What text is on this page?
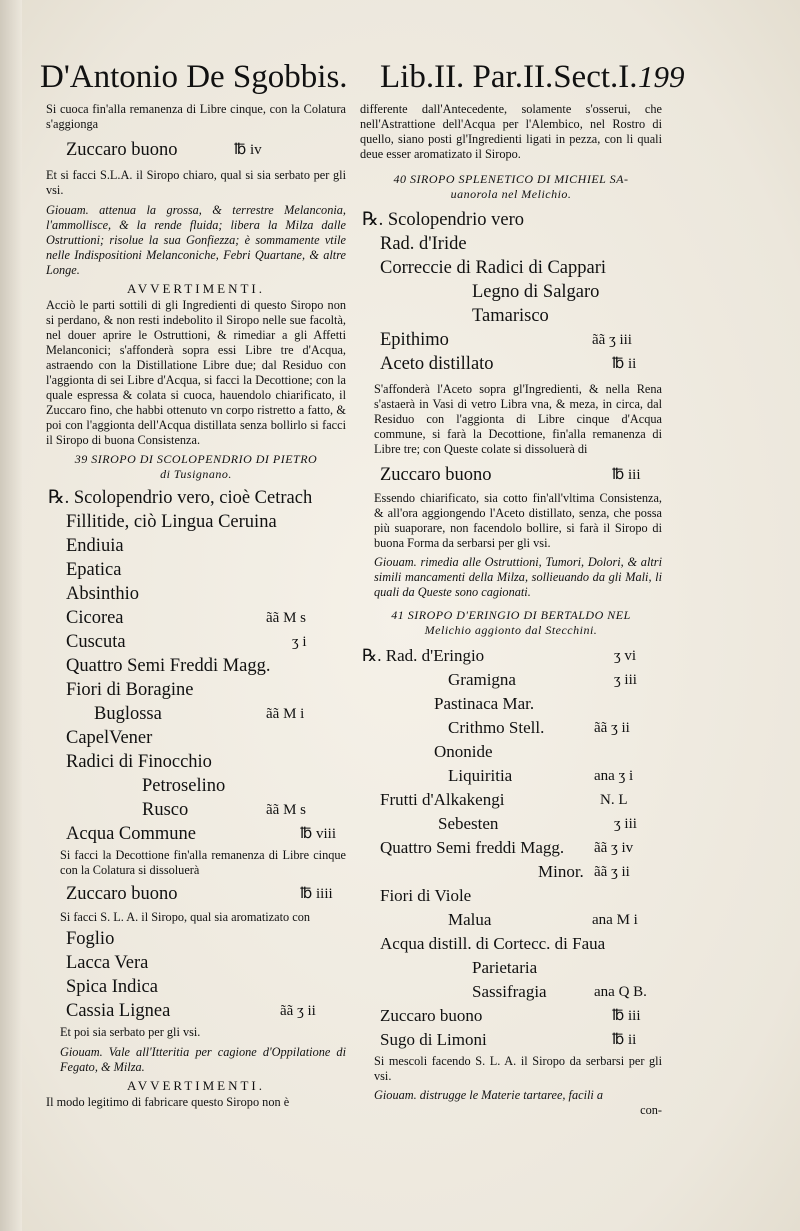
D'Antonio De Sgobbis. Lib.II. Par.II.Sect.I. 199

Si cuoca fin'alla remanenza di Libre cinque, con la Colatura s'aggionga

Zuccaro buono	℔ iv

Et si facci S.L.A. il Siropo chiaro, qual si sia serbato per gli vsi.

Giouam. attenua la grossa, & terrestre Melanconia, l'ammollisce, & la rende fluida; libera la Milza dalle Ostruttioni; risolue la sua Gonfiezza; è sommamente vtile nelle Indispositioni Melanconiche, Febri Quartane, & altre Longe.

AVVERTIMENTI.

Acciò le parti sottili di gli Ingredienti di questo Siropo non si perdano, & non resti indebolito il Siropo nelle sue facoltà, nel douer aprire le Ostruttioni, & rimediar a gli Affetti Melanconici; s'affonderà sopra essi Libre tre d'Acqua, astraendo con la Distillatione Libre due; dal Residuo con l'aggionta di sei Libre d'Acqua, si facci la Decottione; con la quale espressa & colata si cuoca, hauendolo chiarificato, il Zuccaro fino, che habbi ottenuto vn corpo ristretto a fatto, & poi con l'aggionta dell'Acqua distillata senza bollirlo si facci il Siropo di buona Consistenza.

39 SIROPO DI SCOLOPENDRIO DI PIETRO

di Tusignano.

℞. Scolopendrio vero, cioè Cetrach
Fillitide, ciò Lingua Ceruina
Endiuia
Epatica
Absinthio
Cicorea	ãã M s
Cuscuta	ʒ i
Quattro Semi Freddi Magg.
Fiori di Boragine
Buglossa	ãã M i
CapelVener
Radici di Finocchio
Petroselino
Rusco	ãã M s
Acqua Commune	℔ viii

Si facci la Decottione fin'alla remanenza di Libre cinque con la Colatura si dissoluerà

Zuccaro buono	℔ iiii

Si facci S. L. A. il Siropo, qual sia aromatizato con

Foglio
Lacca Vera
Spica Indica
Cassia Lignea	ãã ʒ ii

Et poi sia serbato per gli vsi.

Giouam. Vale all'Itteritia per cagione d'Oppilatione di Fegato, & Milza.

AVVERTIMENTI.

Il modo legitimo di fabricare questo Siropo non è

differente dall'Antecedente, solamente s'osserui, che nell'Astrattione dell'Acqua per l'Alembico, nel Rostro di quello, siano posti gl'Ingredienti ligati in pezza, con li quali deue esser aromatizato il Siropo.

40 SIROPO SPLENETICO DI MICHIEL SA-

uanorola nel Melichio.

℞. Scolopendrio vero
Rad. d'Iride
Correccie di Radici di Cappari
Legno di Salgaro
Tamarisco
Epithimo	ãã ʒ iii
Aceto distillato	℔ ii

S'affonderà l'Aceto sopra gl'Ingredienti, & nella Rena s'astaerà in Vasi di vetro Libra vna, & meza, in circa, dal Residuo con l'aggionta di Libre cinque d'Acqua commune, si farà la Decottione, fin'alla remanenza di Libre tre; con Queste colate si dissoluerà di

Zuccaro buono	℔ iii

Essendo chiarificato, sia cotto fin'all'vltima Consistenza, & all'ora aggiongendo l'Aceto distillato, senza, che possa più suaporare, non facendolo bollire, si farà il Siropo di buona Forma da serbarsi per gli vsi.

Giouam. rimedia alle Ostruttioni, Tumori, Dolori, & altri simili mancamenti della Milza, sollieuando da gli Mali, li quali da Queste sono cagionati.

41 SIROPO D'ERINGIO DI BERTALDO NEL

Melichio aggionto dal Stecchini.

℞. Rad. d'Eringio	ʒ vi
Gramigna	ʒ iii
Pastinaca Mar.
Crithmo Stell.	ãã ʒ ii
Ononide
Liquiritia	ana ʒ i
Frutti d'Alkakengi	N. L
Sebesten	ʒ iii
Quattro Semi freddi Magg. ãã ʒ iv
Minor. ãã ʒ ii
Fiori di Viole
Malua	ana M i
Acqua distill. di Cortecc. di Faua
Parietaria
Sassifragia	ana Q B.
Zuccaro buono	℔ iii
Sugo di Limoni	℔ ii

Si mescoli facendo S. L. A. il Siropo da serbarsi per gli vsi.

Giouam. distrugge le Materie tartaree, facili a

con-
